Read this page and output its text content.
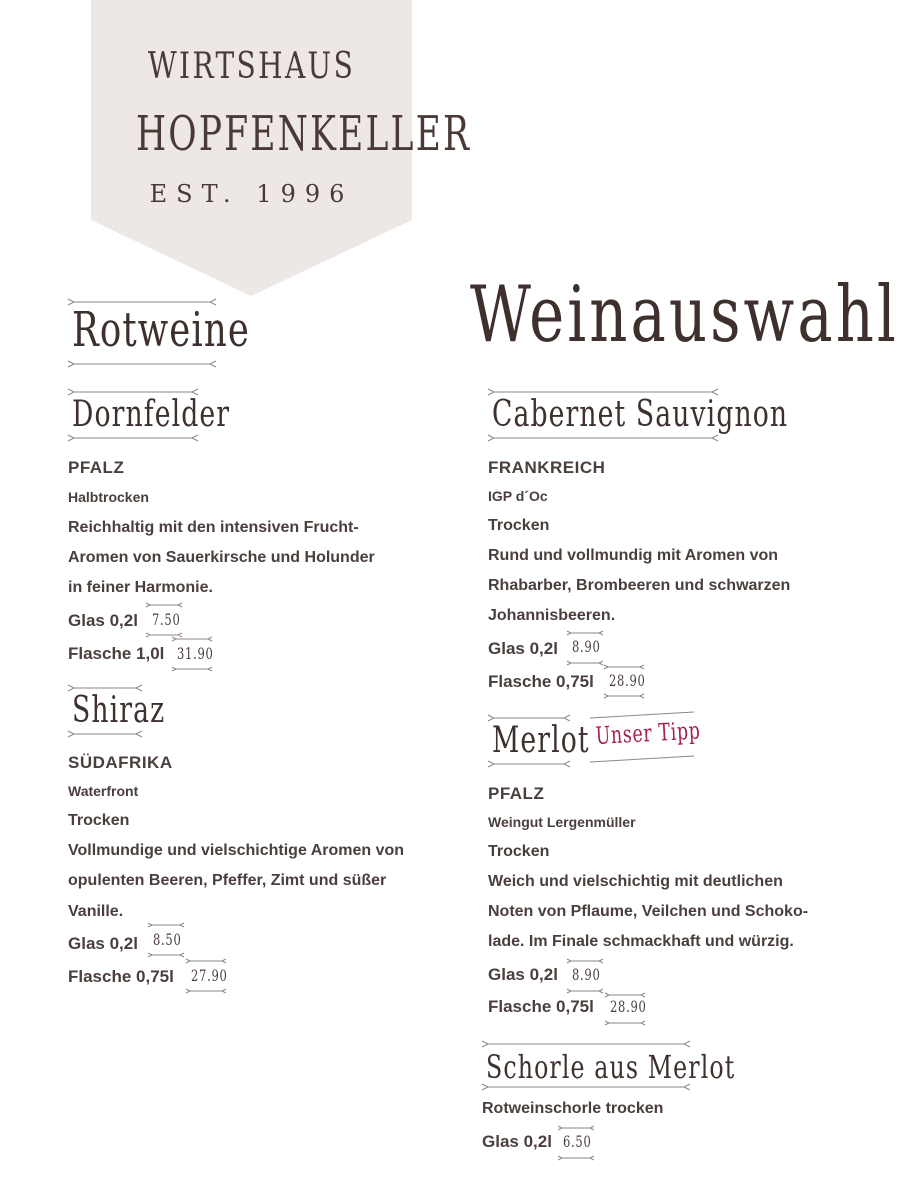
WIRTSHAUS
HOPFENKELLER
EST. 1996
Weinauswahl
Rotweine
Dornfelder
PFALZ
Halbtrocken
Reichhaltig mit den intensiven Frucht-
Aromen von Sauerkirsche und Holunder
in feiner Harmonie.
Glas 0,2l 7.50
Flasche 1,0l 31.90
Shiraz
SÜDAFRIKA
Waterfront
Trocken
Vollmundige und vielschichtige Aromen von
opulenten Beeren, Pfeffer, Zimt und süßer
Vanille.
Glas 0,2l 8.50
Flasche 0,75l 27.90
Cabernet Sauvignon
FRANKREICH
IGP d´Oc
Trocken
Rund und vollmundig mit Aromen von
Rhabarber, Brombeeren und schwarzen
Johannisbeeren.
Glas 0,2l 8.90
Flasche 0,75l 28.90
Merlot Unser Tipp
PFALZ
Weingut Lergenmüller
Trocken
Weich und vielschichtig mit deutlichen
Noten von Pflaume, Veilchen und Schoko-
lade. Im Finale schmackhaft und würzig.
Glas 0,2l 8.90
Flasche 0,75l 28.90
Schorle aus Merlot
Rotweinschorle trocken
Glas 0,2l 6.50
